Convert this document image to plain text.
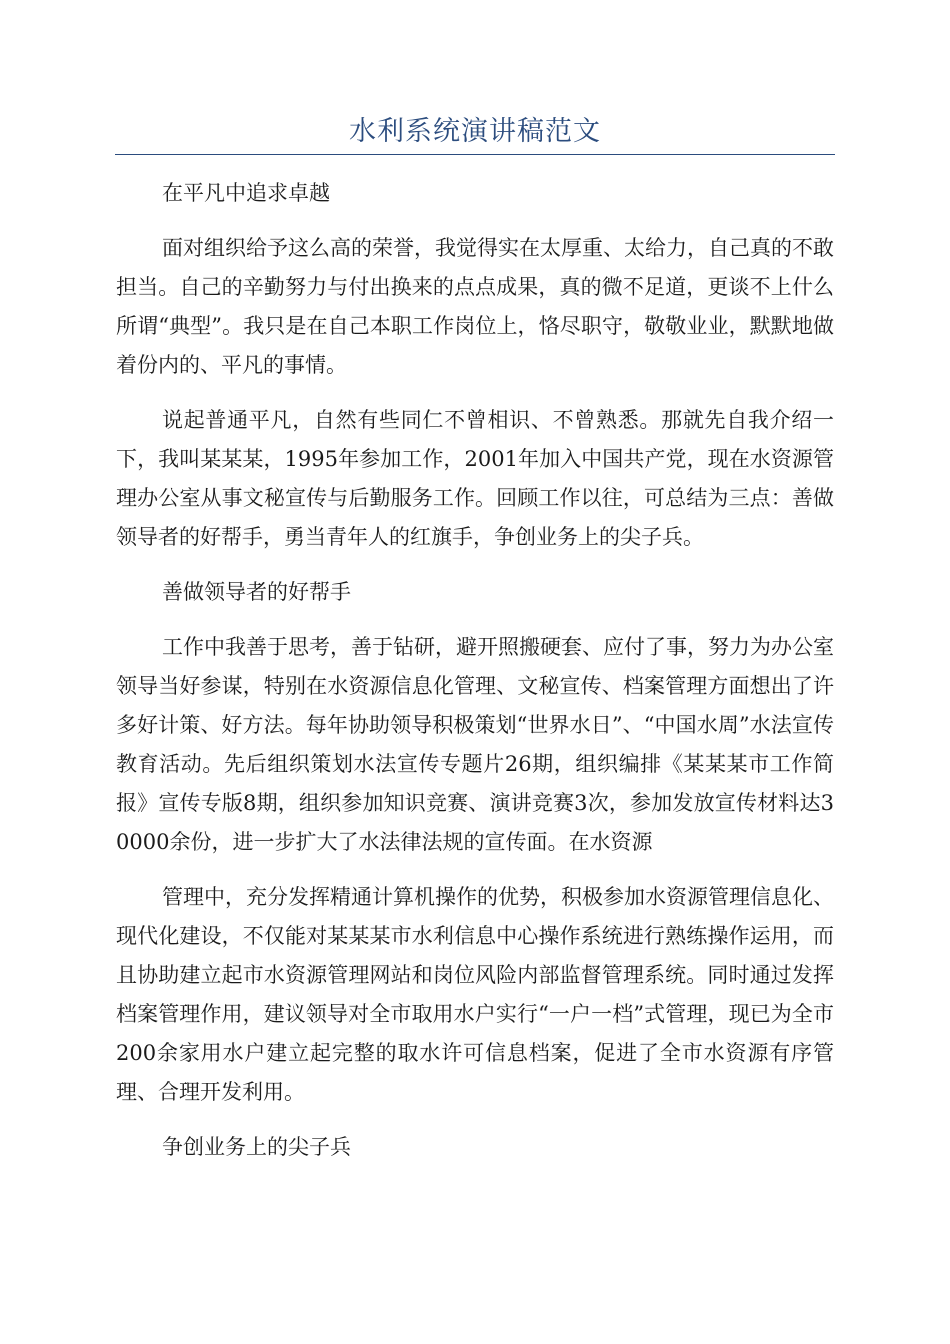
水利系统演讲稿范文

在平凡中追求卓越

面对组织给予这么高的荣誉，我觉得实在太厚重、太给力，自己真的不敢担当。自己的辛勤努力与付出换来的点点成果，真的微不足道，更谈不上什么所谓“典型”。我只是在自己本职工作岗位上，恪尽职守，敬敬业业，默默地做着份内的、平凡的事情。

说起普通平凡，自然有些同仁不曾相识、不曾熟悉。那就先自我介绍一下，我叫某某某，1995年参加工作，2001年加入中国共产党，现在水资源管理办公室从事文秘宣传与后勤服务工作。回顾工作以往，可总结为三点：善做领导者的好帮手，勇当青年人的红旗手，争创业务上的尖子兵。

善做领导者的好帮手

工作中我善于思考，善于钻研，避开照搬硬套、应付了事，努力为办公室领导当好参谋，特别在水资源信息化管理、文秘宣传、档案管理方面想出了许多好计策、好方法。每年协助领导积极策划“世界水日”、“中国水周”水法宣传教育活动。先后组织策划水法宣传专题片26期，组织编排《某某某市工作简报》宣传专版8期，组织参加知识竞赛、演讲竞赛3次，参加发放宣传材料达30000余份，进一步扩大了水法律法规的宣传面。在水资源

管理中，充分发挥精通计算机操作的优势，积极参加水资源管理信息化、现代化建设，不仅能对某某某市水利信息中心操作系统进行熟练操作运用，而且协助建立起市水资源管理网站和岗位风险内部监督管理系统。同时通过发挥档案管理作用，建议领导对全市取用水户实行“一户一档”式管理，现已为全市200余家用水户建立起完整的取水许可信息档案，促进了全市水资源有序管理、合理开发利用。

争创业务上的尖子兵
